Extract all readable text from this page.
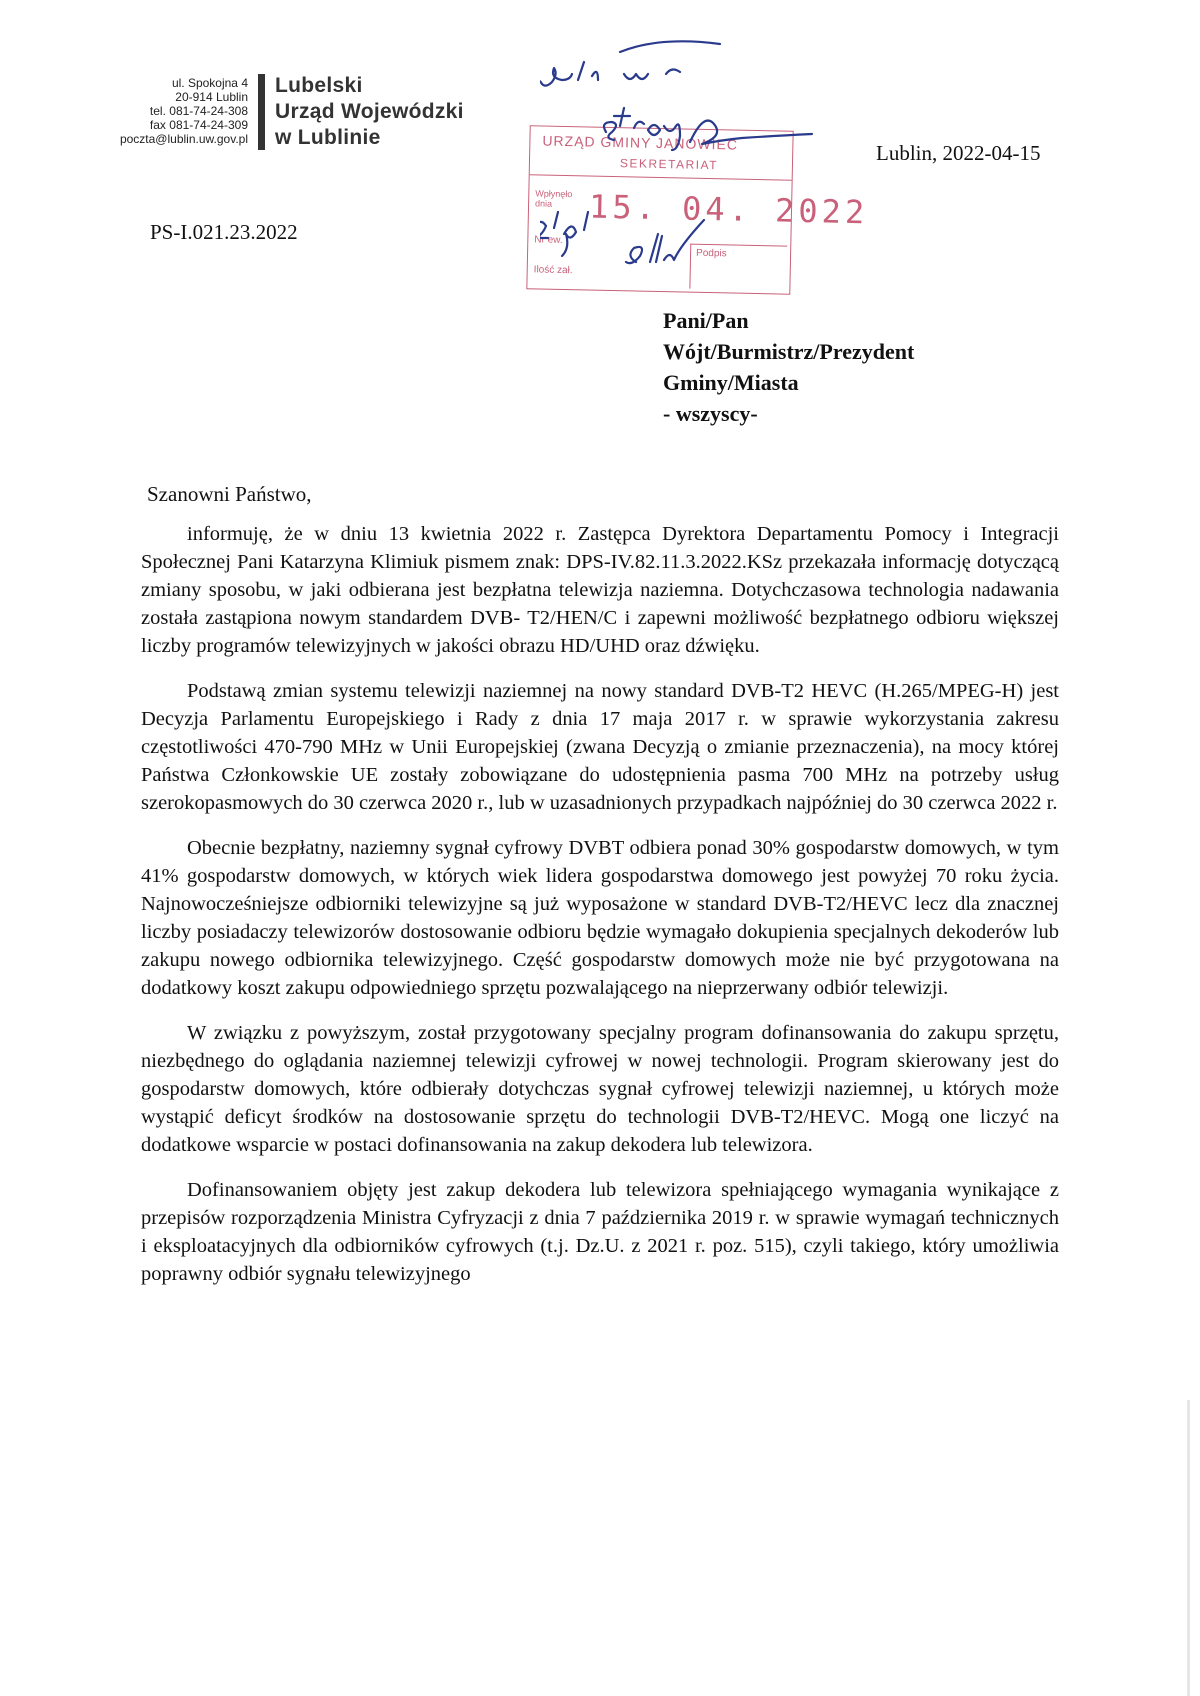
ul. Spokojna 4
20-914 Lublin
tel. 081-74-24-308
fax 081-74-24-309
poczta@lublin.uw.gov.pl
Lubelski
Urząd Wojewódzki
w Lublinie	URZĄD GMINY JANOWIEC
SEKRETARIAT
Wpłynęło dnia 15. 04. 2022
Nr ew.
Ilość zał.
Podpis
Lublin, 2022-04-15
PS-I.021.23.2022
Pani/Pan
Wójt/Burmistrz/Prezydent
Gminy/Miasta
- wszyscy-
Szanowni Państwo,

informuję, że w dniu 13 kwietnia 2022 r. Zastępca Dyrektora Departamentu Pomocy i Integracji Społecznej Pani Katarzyna Klimiuk pismem znak: DPS-IV.82.11.3.2022.KSz przekazała informację dotyczącą zmiany sposobu, w jaki odbierana jest bezpłatna telewizja naziemna. Dotychczasowa technologia nadawania została zastąpiona nowym standardem DVB- T2/HEN/C i zapewni możliwość bezpłatnego odbioru większej liczby programów telewizyjnych w jakości obrazu HD/UHD oraz dźwięku.

Podstawą zmian systemu telewizji naziemnej na nowy standard DVB-T2 HEVC (H.265/MPEG-H) jest Decyzja Parlamentu Europejskiego i Rady z dnia 17 maja 2017 r. w sprawie wykorzystania zakresu częstotliwości 470-790 MHz w Unii Europejskiej (zwana Decyzją o zmianie przeznaczenia), na mocy której Państwa Członkowskie UE zostały zobowiązane do udostępnienia pasma 700 MHz na potrzeby usług szerokopasmowych do 30 czerwca 2020 r., lub w uzasadnionych przypadkach najpóźniej do 30 czerwca 2022 r.

Obecnie bezpłatny, naziemny sygnał cyfrowy DVBT odbiera ponad 30% gospodarstw domowych, w tym 41% gospodarstw domowych, w których wiek lidera gospodarstwa domowego jest powyżej 70 roku życia. Najnowocześniejsze odbiorniki telewizyjne są już wyposażone w standard DVB-T2/HEVC lecz dla znacznej liczby posiadaczy telewizorów dostosowanie odbioru będzie wymagało dokupienia specjalnych dekoderów lub zakupu nowego odbiornika telewizyjnego. Część gospodarstw domowych może nie być przygotowana na dodatkowy koszt zakupu odpowiedniego sprzętu pozwalającego na nieprzerwany odbiór telewizji.

W związku z powyższym, został przygotowany specjalny program dofinansowania do zakupu sprzętu, niezbędnego do oglądania naziemnej telewizji cyfrowej w nowej technologii. Program skierowany jest do gospodarstw domowych, które odbierały dotychczas sygnał cyfrowej telewizji naziemnej, u których może wystąpić deficyt środków na dostosowanie sprzętu do technologii DVB-T2/HEVC. Mogą one liczyć na dodatkowe wsparcie w postaci dofinansowania na zakup dekodera lub telewizora.

Dofinansowaniem objęty jest zakup dekodera lub telewizora spełniającego wymagania wynikające z przepisów rozporządzenia Ministra Cyfryzacji z dnia 7 października 2019 r. w sprawie wymagań technicznych i eksploatacyjnych dla odbiorników cyfrowych (t.j. Dz.U. z 2021 r. poz. 515), czyli takiego, który umożliwia poprawny odbiór sygnału telewizyjnego
